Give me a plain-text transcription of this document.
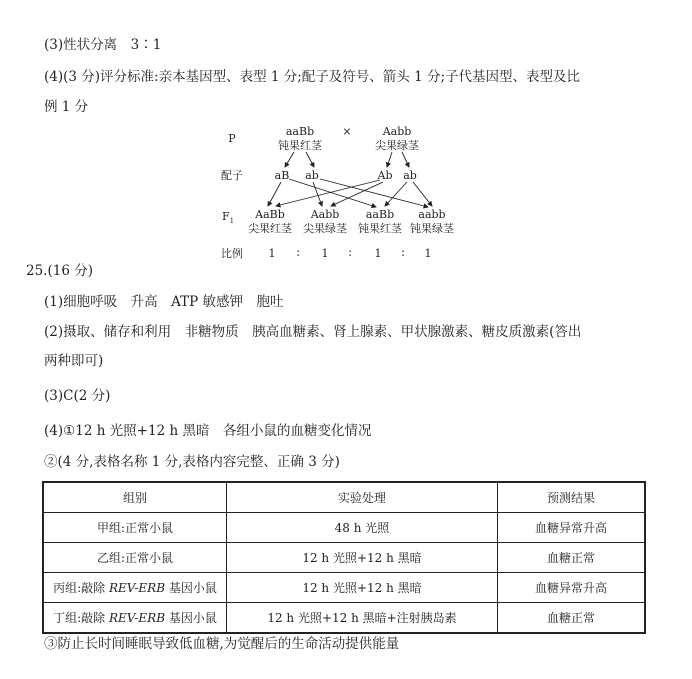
(3)性状分离　3∶1
(4)(3 分)评分标准:亲本基因型、表型 1 分;配子及符号、箭头 1 分;子代基因型、表型及比
例 1 分
P
aaBb
钝果红茎
×	Aabb
尖果绿茎
配子	aB ab	Ab ab
$F_1$ AaBb
尖果红茎
Aabb
尖果绿茎
aaBb
钝果红茎
aabb
钝果绿茎
比例 1 ∶ 1 ∶ 1 ∶ 1
25.(16 分)
(1)细胞呼吸　升高　ATP 敏感钾　胞吐
(2)摄取、储存和利用　非糖物质　胰高血糖素、肾上腺素、甲状腺激素、糖皮质激素(答出
两种即可)
(3)C(2 分)
(4)①12 h 光照+12 h 黑暗　各组小鼠的血糖变化情况
②(4 分,表格名称 1 分,表格内容完整、正确 3 分)
组别	实验处理	预测结果
甲组:正常小鼠	48 h 光照	血糖异常升高
乙组:正常小鼠	12 h 光照+12 h 黑暗	血糖正常
丙组:敲除 REV-ERB 基因小鼠	12 h 光照+12 h 黑暗	血糖异常升高
丁组:敲除 REV-ERB 基因小鼠	12 h 光照+12 h 黑暗+注射胰岛素	血糖正常
③防止长时间睡眠导致低血糖,为觉醒后的生命活动提供能量
